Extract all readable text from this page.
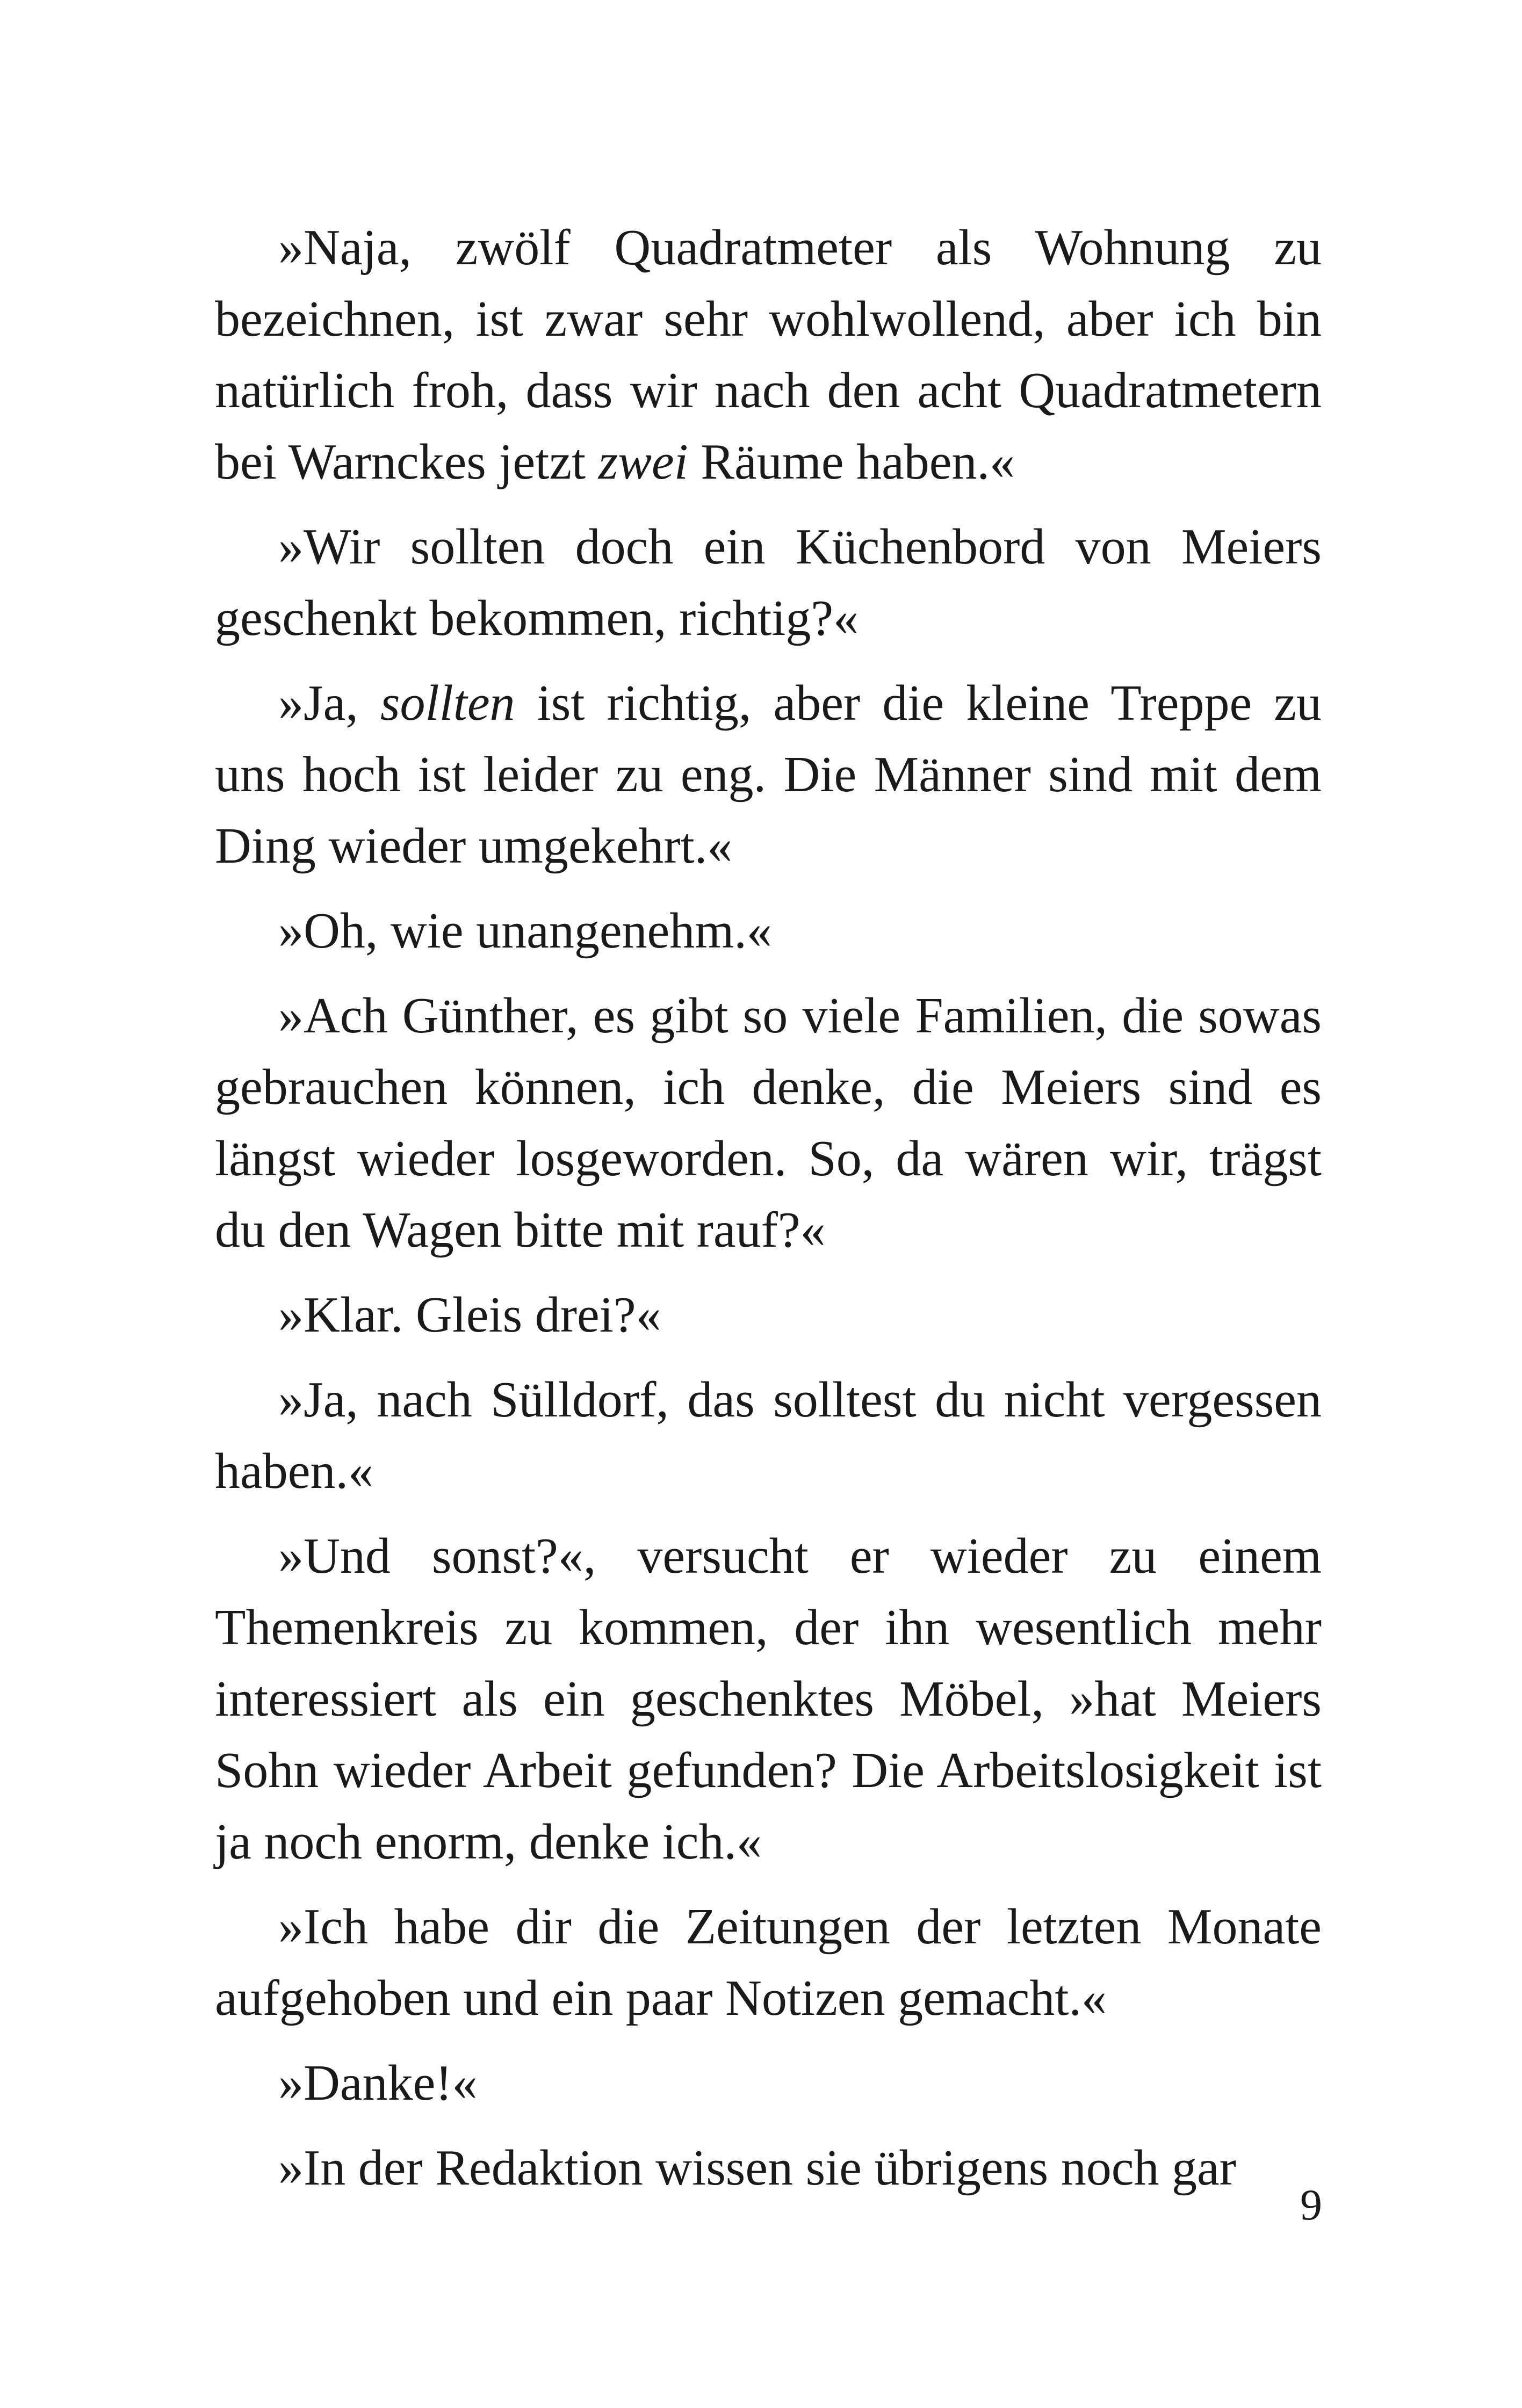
»Naja, zwölf Quadratmeter als Wohnung zu bezeichnen, ist zwar sehr wohlwollend, aber ich bin natürlich froh, dass wir nach den acht Quadratmetern bei Warnckes jetzt zwei Räume haben.«

»Wir sollten doch ein Küchenbord von Meiers geschenkt bekommen, richtig?«

»Ja, sollten ist richtig, aber die kleine Treppe zu uns hoch ist leider zu eng. Die Männer sind mit dem Ding wieder umgekehrt.«

»Oh, wie unangenehm.«

»Ach Günther, es gibt so viele Familien, die sowas gebrauchen können, ich denke, die Meiers sind es längst wieder losgeworden. So, da wären wir, trägst du den Wagen bitte mit rauf?«

»Klar. Gleis drei?«

»Ja, nach Sülldorf, das solltest du nicht vergessen haben.«

»Und sonst?«, versucht er wieder zu einem Themenkreis zu kommen, der ihn wesentlich mehr interessiert als ein geschenktes Möbel, »hat Meiers Sohn wieder Arbeit gefunden? Die Arbeitslosigkeit ist ja noch enorm, denke ich.«

»Ich habe dir die Zeitungen der letzten Monate aufgehoben und ein paar Notizen gemacht.«

»Danke!«

»In der Redaktion wissen sie übrigens noch gar

9
